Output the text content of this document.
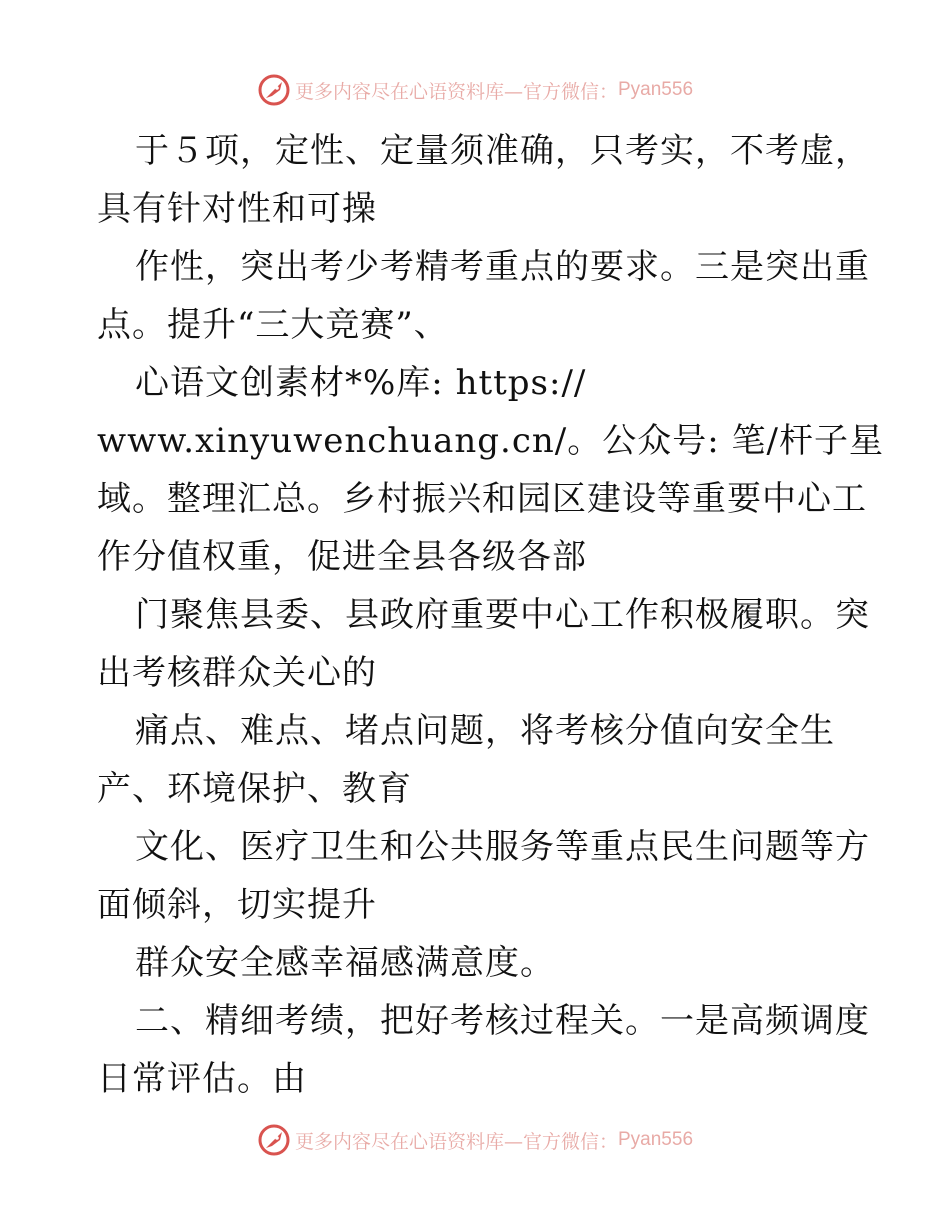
更多内容尽在心语资料库—官方微信： Pyan556
于５项，定性、定量须准确，只考实，不考虚，
具有针对性和可操
作性，突出考少考精考重点的要求。三是突出重
点。提升“三大竞赛”、
心语文创素材*%库: https://
www.xinyuwenchuang.cn/。公众号: 笔/杆子星
域。整理汇总。乡村振兴和园区建设等重要中心工
作分值权重，促进全县各级各部
门聚焦县委、县政府重要中心工作积极履职。突
出考核群众关心的
痛点、难点、堵点问题，将考核分值向安全生
产、环境保护、教育
文化、医疗卫生和公共服务等重点民生问题等方
面倾斜，切实提升
群众安全感幸福感满意度。
二、精细考绩，把好考核过程关。一是高频调度
日常评估。由
更多内容尽在心语资料库—官方微信： Pyan556
